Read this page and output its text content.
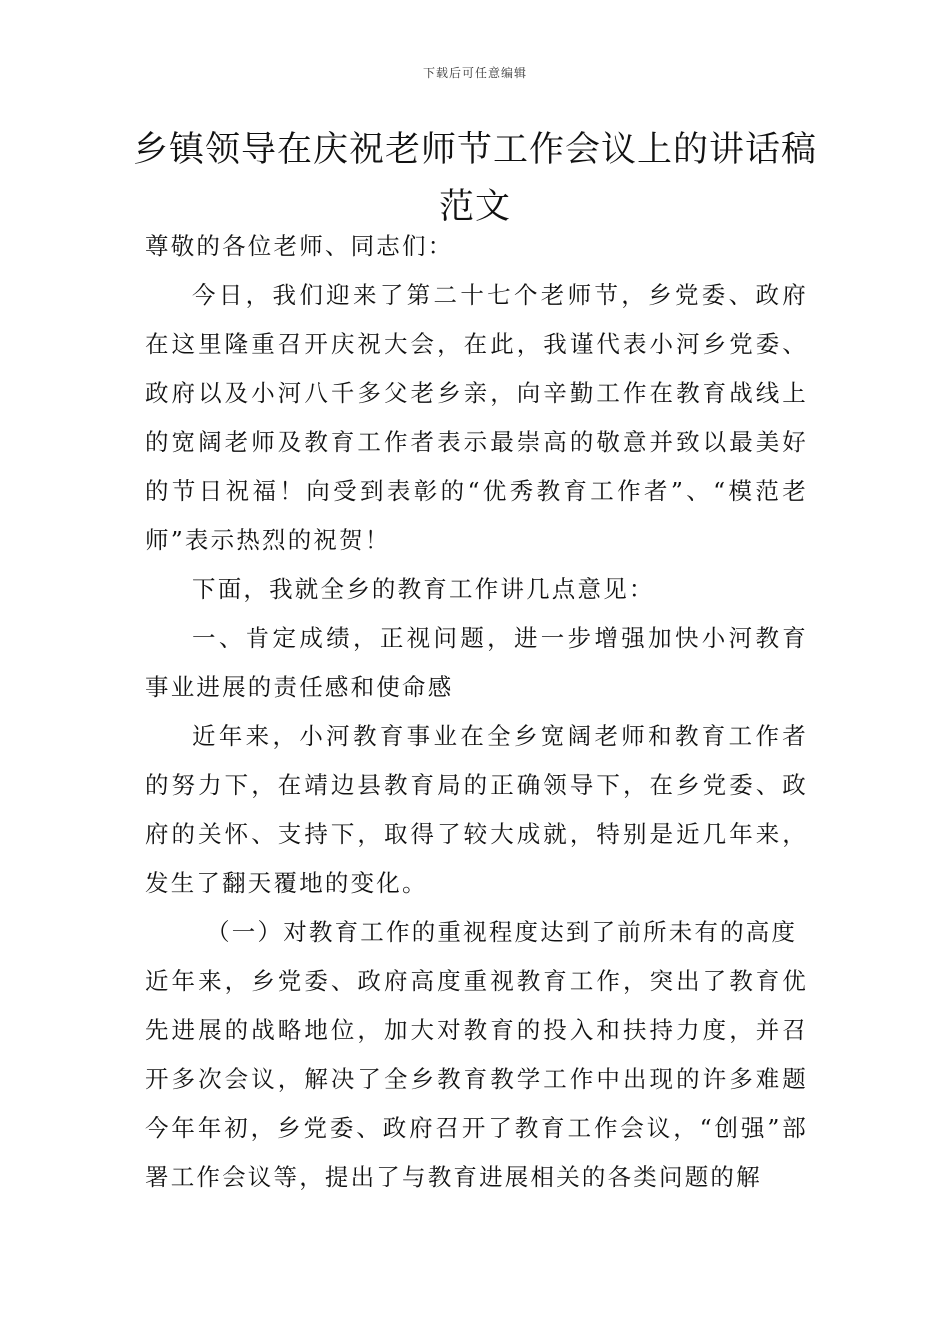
下载后可任意编辑
乡镇领导在庆祝老师节工作会议上的讲话稿范文

尊敬的各位老师、同志们：

今日，我们迎来了第二十七个老师节，乡党委、政府在这里隆重召开庆祝大会，在此，我谨代表小河乡党委、政府以及小河八千多父老乡亲，向辛勤工作在教育战线上的宽阔老师及教育工作者表示最崇高的敬意并致以最美好的节日祝福！向受到表彰的“优秀教育工作者”、“模范老师”表示热烈的祝贺！

下面，我就全乡的教育工作讲几点意见：

一、肯定成绩，正视问题，进一步增强加快小河教育事业进展的责任感和使命感

近年来，小河教育事业在全乡宽阔老师和教育工作者的努力下，在靖边县教育局的正确领导下，在乡党委、政府的关怀、支持下，取得了较大成就，特别是近几年来，发生了翻天覆地的变化。

（一）对教育工作的重视程度达到了前所未有的高度

近年来，乡党委、政府高度重视教育工作，突出了教育优先进展的战略地位，加大对教育的投入和扶持力度，并召开多次会议，解决了全乡教育教学工作中出现的许多难题今年年初，乡党委、政府召开了教育工作会议，“创强”部署工作会议等，提出了与教育进展相关的各类问题的解
